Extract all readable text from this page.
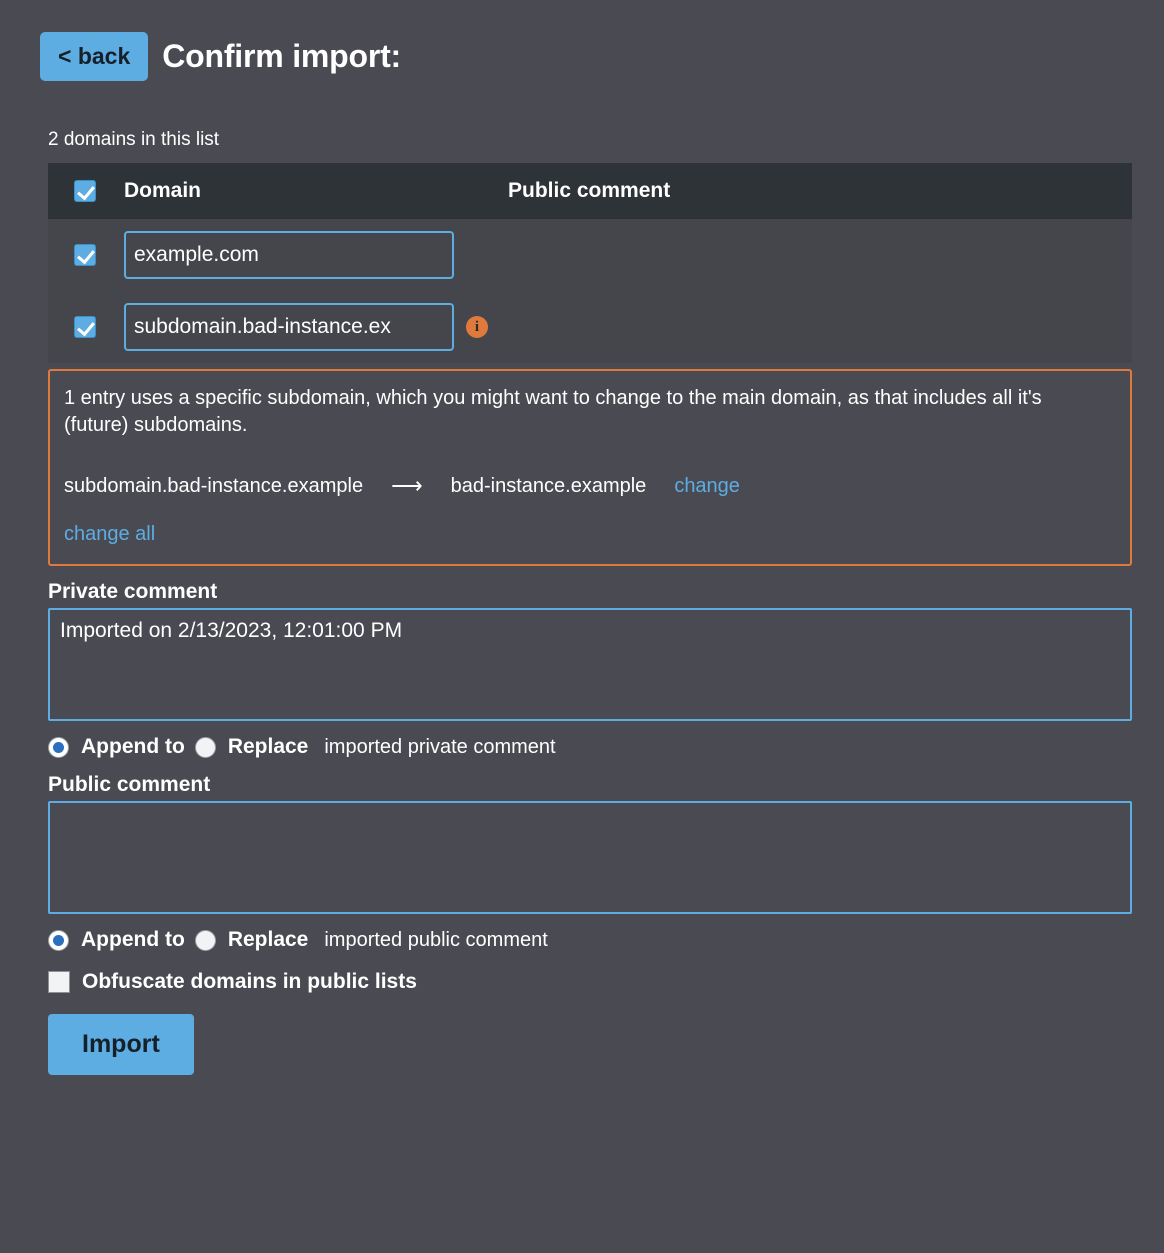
< back	Confirm import:
2 domains in this list
	Domain	Public comment

example.com

subdomain.bad-instance.ex
i

1 entry uses a specific subdomain, which you might want to change to the main domain, as that includes all it's (future) subdomains.

subdomain.bad-instance.example ⟶ bad-instance.example change
change all
Private comment
Imported on 2/13/2023, 12:01:00 PM
Append to Replace imported private comment
Public comment
Append to Replace imported public comment
Obfuscate domains in public lists
Import
